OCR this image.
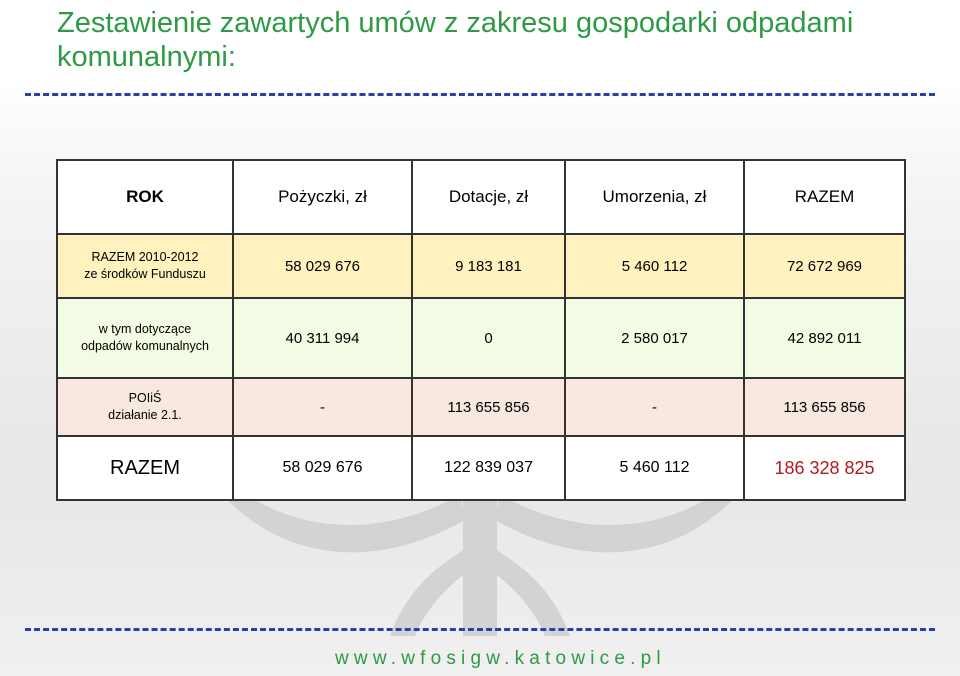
Zestawienie zawartych umów z zakresu gospodarki odpadami komunalnymi:
ROK	Pożyczki, zł	Dotacje, zł	Umorzenia, zł	RAZEM
RAZEM 2010-2012
ze środków Funduszu	58 029 676	9 183 181	5 460 112	72 672 969
w tym dotyczące
odpadów komunalnych	40 311 994	0	2 580 017	42 892 011
POIiŚ
działanie 2.1.	-	113 655 856	-	113 655 856
RAZEM	58 029 676	122 839 037	5 460 112	186 328 825
www.wfosigw.katowice.pl
